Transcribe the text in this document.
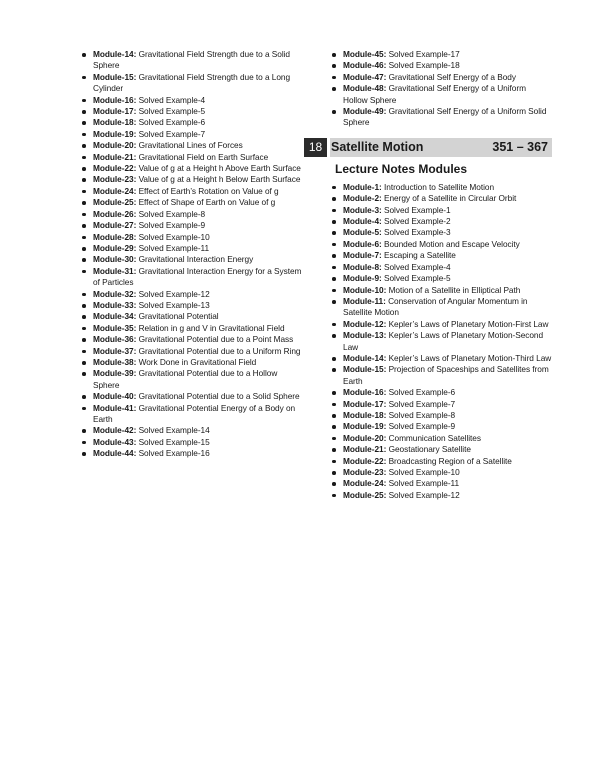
Module-14: Gravitational Field Strength due to a Solid Sphere
Module-15: Gravitational Field Strength due to a Long Cylinder
Module-16: Solved Example-4
Module-17: Solved Example-5
Module-18: Solved Example-6
Module-19: Solved Example-7
Module-20: Gravitational Lines of Forces
Module-21: Gravitational Field on Earth Surface
Module-22: Value of g at a Height h Above Earth Surface
Module-23: Value of g at a Height h Below Earth Surface
Module-24: Effect of Earth’s Rotation on Value of g
Module-25: Effect of Shape of Earth on Value of g
Module-26: Solved Example-8
Module-27: Solved Example-9
Module-28: Solved Example-10
Module-29: Solved Example-11
Module-30: Gravitational Interaction Energy
Module-31: Gravitational Interaction Energy for a System of Particles
Module-32: Solved Example-12
Module-33: Solved Example-13
Module-34: Gravitational Potential
Module-35: Relation in g and V in Gravitational Field
Module-36: Gravitational Potential due to a Point Mass
Module-37: Gravitational Potential due to a Uniform Ring
Module-38: Work Done in Gravitational Field
Module-39: Gravitational Potential due to a Hollow Sphere
Module-40: Gravitational Potential due to a Solid Sphere
Module-41: Gravitational Potential Energy of a Body on Earth
Module-42: Solved Example-14
Module-43: Solved Example-15
Module-44: Solved Example-16
Module-45: Solved Example-17
Module-46: Solved Example-18
Module-47: Gravitational Self Energy of a Body
Module-48: Gravitational Self Energy of a Uniform Hollow Sphere
Module-49: Gravitational Self Energy of a Uniform Solid Sphere
18 Satellite Motion	351 – 367
Lecture Notes Modules
Module-1: Introduction to Satellite Motion
Module-2: Energy of a Satellite in Circular Orbit
Module-3: Solved Example-1
Module-4: Solved Example-2
Module-5: Solved Example-3
Module-6: Bounded Motion and Escape Velocity
Module-7: Escaping a Satellite
Module-8: Solved Example-4
Module-9: Solved Example-5
Module-10: Motion of a Satellite in Elliptical Path
Module-11: Conservation of Angular Momentum in Satellite Motion
Module-12: Kepler’s Laws of Planetary Motion-First Law
Module-13: Kepler’s Laws of Planetary Motion-Second Law
Module-14: Kepler’s Laws of Planetary Motion-Third Law
Module-15: Projection of Spaceships and Satellites from Earth
Module-16: Solved Example-6
Module-17: Solved Example-7
Module-18: Solved Example-8
Module-19: Solved Example-9
Module-20: Communication Satellites
Module-21: Geostationary Satellite
Module-22: Broadcasting Region of a Satellite
Module-23: Solved Example-10
Module-24: Solved Example-11
Module-25: Solved Example-12
